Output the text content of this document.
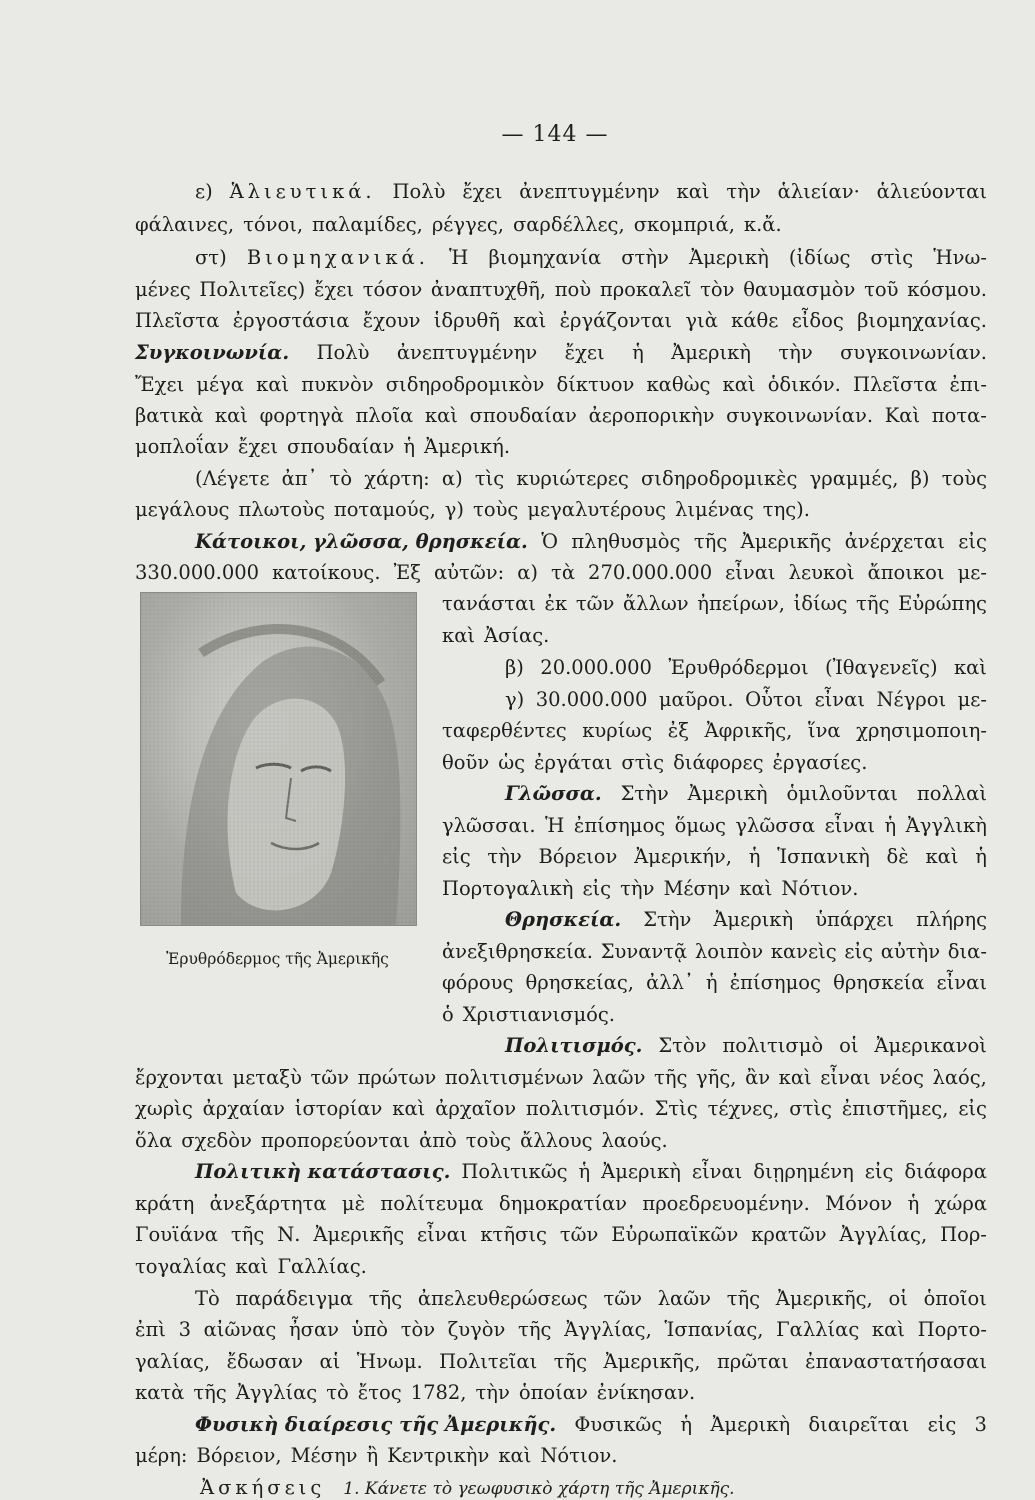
— 144 —
ε) Ἁλιευτικά. Πολὺ ἔχει ἀνεπτυγμένην καὶ τὴν ἁλιείαν· ἁλιεύονται
φάλαινες, τόνοι, παλαμίδες, ρέγγες, σαρδέλλες, σκομπριά, κ.ἄ.
στ) Βιομηχανικά. Ἡ βιομηχανία στὴν Ἀμερικὴ (ἰδίως στὶς Ἡνω-
μένες Πολιτεῖες) ἔχει τόσον ἀναπτυχθῆ, ποὺ προκαλεῖ τὸν θαυμασμὸν τοῦ κόσμου.
Πλεῖστα ἐργοστάσια ἔχουν ἱδρυθῆ καὶ ἐργάζονται γιὰ κάθε εἶδος βιομηχανίας.
Συγκοινωνία. Πολὺ ἀνεπτυγμένην ἔχει ἡ Ἀμερικὴ τὴν συγκοινωνίαν.
Ἔχει μέγα καὶ πυκνὸν σιδηροδρομικὸν δίκτυον καθὼς καὶ ὁδικόν. Πλεῖστα ἐπι-
βατικὰ καὶ φορτηγὰ πλοῖα καὶ σπουδαίαν ἀεροπορικὴν συγκοινωνίαν. Καὶ ποτα-
μοπλοΐαν ἔχει σπουδαίαν ἡ Ἀμερική.
(Λέγετε ἀπ᾽ τὸ χάρτη: α) τὶς κυριώτερες σιδηροδρομικὲς γραμμές, β) τοὺς
μεγάλους πλωτοὺς ποταμούς, γ) τοὺς μεγαλυτέρους λιμένας της).
Κάτοικοι, γλῶσσα, θρησκεία. Ὁ πληθυσμὸς τῆς Ἀμερικῆς ἀνέρχεται εἰς
330.000.000 κατοίκους. Ἐξ αὐτῶν: α) τὰ 270.000.000 εἶναι λευκοὶ ἄποικοι με-
Ἐρυθρόδερμος τῆς Ἀμερικῆς
τανάσται ἐκ τῶν ἄλλων ἠπείρων, ἰδίως τῆς Εὐρώπης
καὶ Ἀσίας.
β) 20.000.000 Ἐρυθρόδερμοι (Ἰθαγενεῖς) καὶ
γ) 30.000.000 μαῦροι. Οὗτοι εἶναι Νέγροι με-
ταφερθέντες κυρίως ἐξ Ἀφρικῆς, ἵνα χρησιμοποιη-
θοῦν ὡς ἐργάται στὶς διάφορες ἐργασίες.
Γλῶσσα. Στὴν Ἀμερικὴ ὁμιλοῦνται πολλαὶ
γλῶσσαι. Ἡ ἐπίσημος ὅμως γλῶσσα εἶναι ἡ Ἀγγλικὴ
εἰς τὴν Βόρειον Ἀμερικήν, ἡ Ἱσπανικὴ δὲ καὶ ἡ
Πορτογαλικὴ εἰς τὴν Μέσην καὶ Νότιον.
Θρησκεία. Στὴν Ἀμερικὴ ὑπάρχει πλήρης
ἀνεξιθρησκεία. Συναντᾷ λοιπὸν κανεὶς εἰς αὐτὴν δια-
φόρους θρησκείας, ἀλλ᾽ ἡ ἐπίσημος θρησκεία εἶναι
ὁ Χριστιανισμός.
Πολιτισμός. Στὸν πολιτισμὸ οἱ Ἀμερικανοὶ
ἔρχονται μεταξὺ τῶν πρώτων πολιτισμένων λαῶν τῆς γῆς, ἂν καὶ εἶναι νέος λαός,
χωρὶς ἀρχαίαν ἱστορίαν καὶ ἀρχαῖον πολιτισμόν. Στὶς τέχνες, στὶς ἐπιστῆμες, εἰς
ὅλα σχεδὸν προπορεύονται ἀπὸ τοὺς ἄλλους λαούς.
Πολιτικὴ κατάστασις. Πολιτικῶς ἡ Ἀμερικὴ εἶναι διῃρημένη εἰς διάφορα
κράτη ἀνεξάρτητα μὲ πολίτευμα δημοκρατίαν προεδρευομένην. Μόνον ἡ χώρα
Γουϊάνα τῆς Ν. Ἀμερικῆς εἶναι κτῆσις τῶν Εὐρωπαϊκῶν κρατῶν Ἀγγλίας, Πορ-
τογαλίας καὶ Γαλλίας.
Τὸ παράδειγμα τῆς ἀπελευθερώσεως τῶν λαῶν τῆς Ἀμερικῆς, οἱ ὁποῖοι
ἐπὶ 3 αἰῶνας ἦσαν ὑπὸ τὸν ζυγὸν τῆς Ἀγγλίας, Ἱσπανίας, Γαλλίας καὶ Πορτο-
γαλίας, ἔδωσαν αἱ Ἡνωμ. Πολιτεῖαι τῆς Ἀμερικῆς, πρῶται ἐπαναστατήσασαι
κατὰ τῆς Ἀγγλίας τὸ ἔτος 1782, τὴν ὁποίαν ἐνίκησαν.
Φυσικὴ διαίρεσις τῆς Ἀμερικῆς. Φυσικῶς ἡ Ἀμερικὴ διαιρεῖται εἰς 3
μέρη: Βόρειον, Μέσην ἢ Κεντρικὴν καὶ Νότιον.
Ἀσκήσεις 1. Κάνετε τὸ γεωφυσικὸ χάρτη τῆς Ἀμερικῆς.
